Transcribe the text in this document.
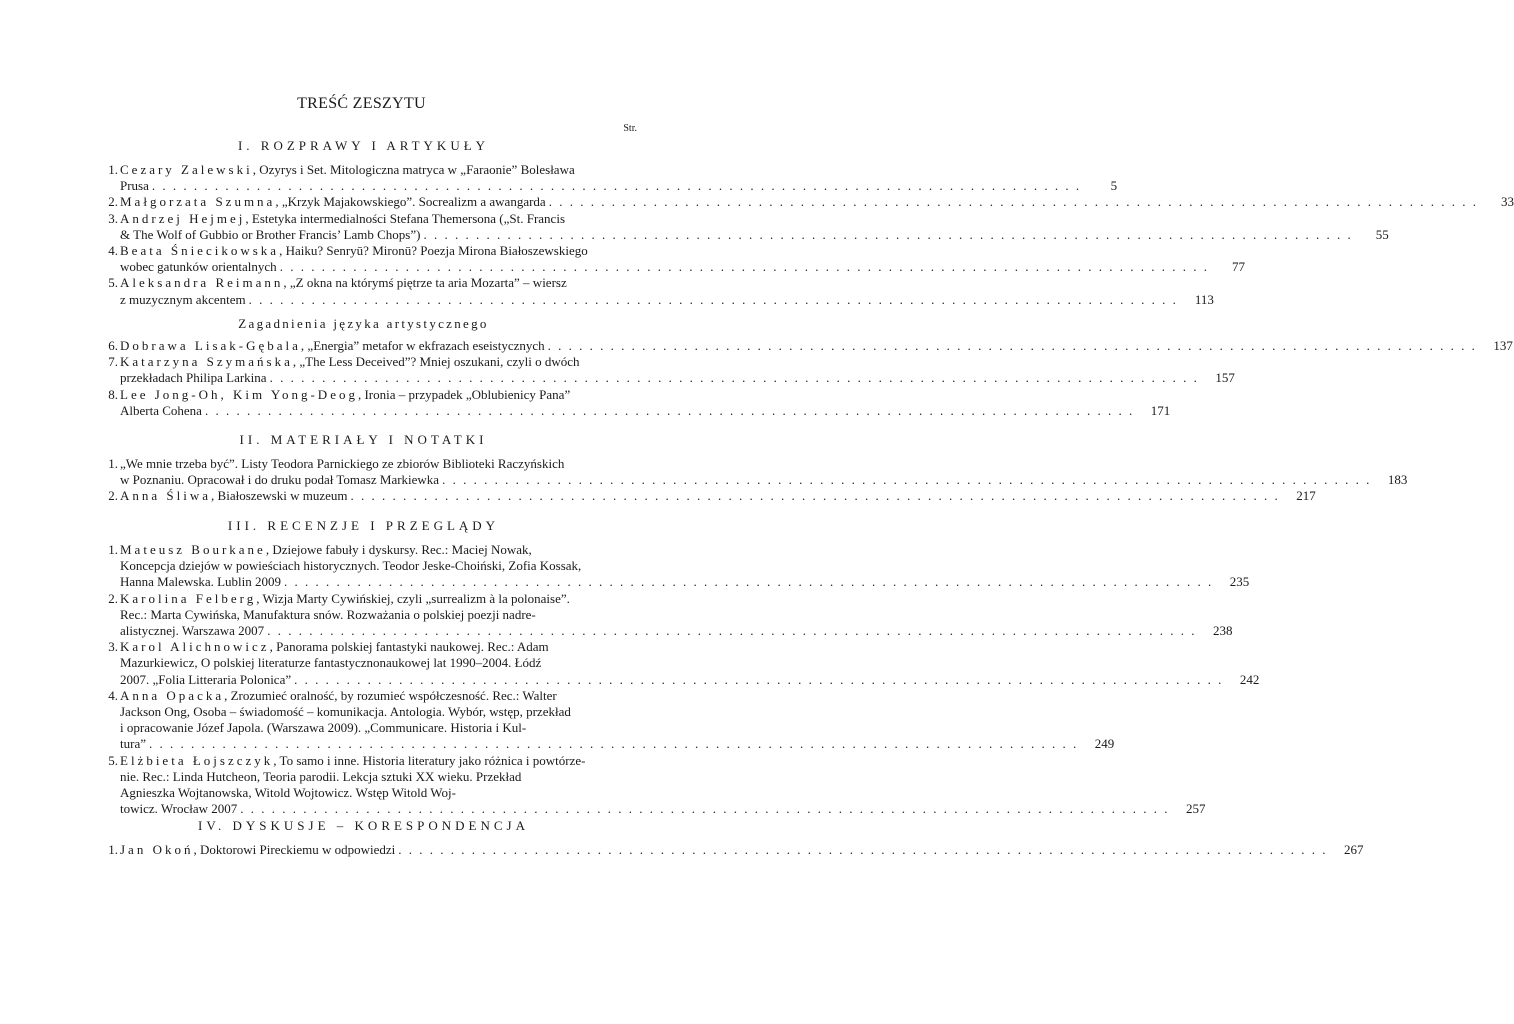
TREŚĆ ZESZYTU
Str.
I. ROZPRAWY I ARTYKUŁY
1. Cezary Zalewski, Ozyrys i Set. Mitologiczna matryca w „Faraonie” Bolesława
Prusa . . . . . . . . . . . . . . . . . . . . . . . . . . . . . . . . . . . . . . . . . . . . . . . . . . . . . . . . . . . . . . . . . . . . . . . . . . . . . . . . . . . . . . . . .	5
2. Małgorzata Szumna, „Krzyk Majakowskiego”. Socrealizm a awangarda . . . . . . . . . . . . . . . . . . . . . . . . . . . . . . . . . . . . . . . . . . . . . . . . . . . . . . . . . . . . . . . . . . . . . . . . . . . . . . . . . . . . . . . . .	33
3. Andrzej Hejmej, Estetyka intermedialności Stefana Themersona („St. Francis
& The Wolf of Gubbio or Brother Francis’ Lamb Chops”) . . . . . . . . . . . . . . . . . . . . . . . . . . . . . . . . . . . . . . . . . . . . . . . . . . . . . . . . . . . . . . . . . . . . . . . . . . . . . . . . . . . . . . . . .	55
4. Beata Śniecikowska, Haiku? Senryū? Mironū? Poezja Mirona Białoszewskiego
wobec gatunków orientalnych . . . . . . . . . . . . . . . . . . . . . . . . . . . . . . . . . . . . . . . . . . . . . . . . . . . . . . . . . . . . . . . . . . . . . . . . . . . . . . . . . . . . . . . . .	77
5. Aleksandra Reimann, „Z okna na którymś piętrze ta aria Mozarta” – wiersz
z muzycznym akcentem . . . . . . . . . . . . . . . . . . . . . . . . . . . . . . . . . . . . . . . . . . . . . . . . . . . . . . . . . . . . . . . . . . . . . . . . . . . . . . . . . . . . . . . . .	113
Zagadnienia języka artystycznego
6. Dobrawa Lisak-Gębala, „Energia” metafor w ekfrazach eseistycznych . . . . . . . . . . . . . . . . . . . . . . . . . . . . . . . . . . . . . . . . . . . . . . . . . . . . . . . . . . . . . . . . . . . . . . . . . . . . . . . . . . . . . . . . .	137
7. Katarzyna Szymańska, „The Less Deceived”? Mniej oszukani, czyli o dwóch
przekładach Philipa Larkina . . . . . . . . . . . . . . . . . . . . . . . . . . . . . . . . . . . . . . . . . . . . . . . . . . . . . . . . . . . . . . . . . . . . . . . . . . . . . . . . . . . . . . . . .	157
8. Lee Jong-Oh, Kim Yong-Deog, Ironia – przypadek „Oblubienicy Pana”
Alberta Cohena . . . . . . . . . . . . . . . . . . . . . . . . . . . . . . . . . . . . . . . . . . . . . . . . . . . . . . . . . . . . . . . . . . . . . . . . . . . . . . . . . . . . . . . . .	171
II. MATERIAŁY I NOTATKI
1. „We mnie trzeba być”. Listy Teodora Parnickiego ze zbiorów Biblioteki Raczyńskich
w Poznaniu. Opracował i do druku podał Tomasz Markiewka . . . . . . . . . . . . . . . . . . . . . . . . . . . . . . . . . . . . . . . . . . . . . . . . . . . . . . . . . . . . . . . . . . . . . . . . . . . . . . . . . . . . . . . . .	183
2. Anna Śliwa, Białoszewski w muzeum . . . . . . . . . . . . . . . . . . . . . . . . . . . . . . . . . . . . . . . . . . . . . . . . . . . . . . . . . . . . . . . . . . . . . . . . . . . . . . . . . . . . . . . . .	217
III. RECENZJE I PRZEGLĄDY
1. Mateusz Bourkane, Dziejowe fabuły i dyskursy. Rec.: Maciej Nowak,
Koncepcja dziejów w powieściach historycznych. Teodor Jeske-Choiński, Zofia Kossak,
Hanna Malewska. Lublin 2009 . . . . . . . . . . . . . . . . . . . . . . . . . . . . . . . . . . . . . . . . . . . . . . . . . . . . . . . . . . . . . . . . . . . . . . . . . . . . . . . . . . . . . . . . .	235
2. Karolina Felberg, Wizja Marty Cywińskiej, czyli „surrealizm à la polonaise”.
Rec.: Marta Cywińska, Manufaktura snów. Rozważania o polskiej poezji nadre-
alistycznej. Warszawa 2007 . . . . . . . . . . . . . . . . . . . . . . . . . . . . . . . . . . . . . . . . . . . . . . . . . . . . . . . . . . . . . . . . . . . . . . . . . . . . . . . . . . . . . . . . .	238
3. Karol Alichnowicz, Panorama polskiej fantastyki naukowej. Rec.: Adam
Mazurkiewicz, O polskiej literaturze fantastycznonaukowej lat 1990–2004. Łódź
2007. „Folia Litteraria Polonica” . . . . . . . . . . . . . . . . . . . . . . . . . . . . . . . . . . . . . . . . . . . . . . . . . . . . . . . . . . . . . . . . . . . . . . . . . . . . . . . . . . . . . . . . .	242
4. Anna Opacka, Zrozumieć oralność, by rozumieć współczesność. Rec.: Walter
Jackson Ong, Osoba – świadomość – komunikacja. Antologia. Wybór, wstęp, przekład
i opracowanie Józef Japola. (Warszawa 2009). „Communicare. Historia i Kul-
tura” . . . . . . . . . . . . . . . . . . . . . . . . . . . . . . . . . . . . . . . . . . . . . . . . . . . . . . . . . . . . . . . . . . . . . . . . . . . . . . . . . . . . . . . . .	249
5. Elżbieta Łojszczyk, To samo i inne. Historia literatury jako różnica i powtórze-
nie. Rec.: Linda Hutcheon, Teoria parodii. Lekcja sztuki XX wieku. Przekład
Agnieszka Wojtanowska, Witold Wojtowicz. Wstęp Witold Woj-
towicz. Wrocław 2007 . . . . . . . . . . . . . . . . . . . . . . . . . . . . . . . . . . . . . . . . . . . . . . . . . . . . . . . . . . . . . . . . . . . . . . . . . . . . . . . . . . . . . . . . .	257
IV. DYSKUSJE – KORESPONDENCJA
1. Jan Okoń, Doktorowi Pireckiemu w odpowiedzi . . . . . . . . . . . . . . . . . . . . . . . . . . . . . . . . . . . . . . . . . . . . . . . . . . . . . . . . . . . . . . . . . . . . . . . . . . . . . . . . . . . . . . . . .	267
